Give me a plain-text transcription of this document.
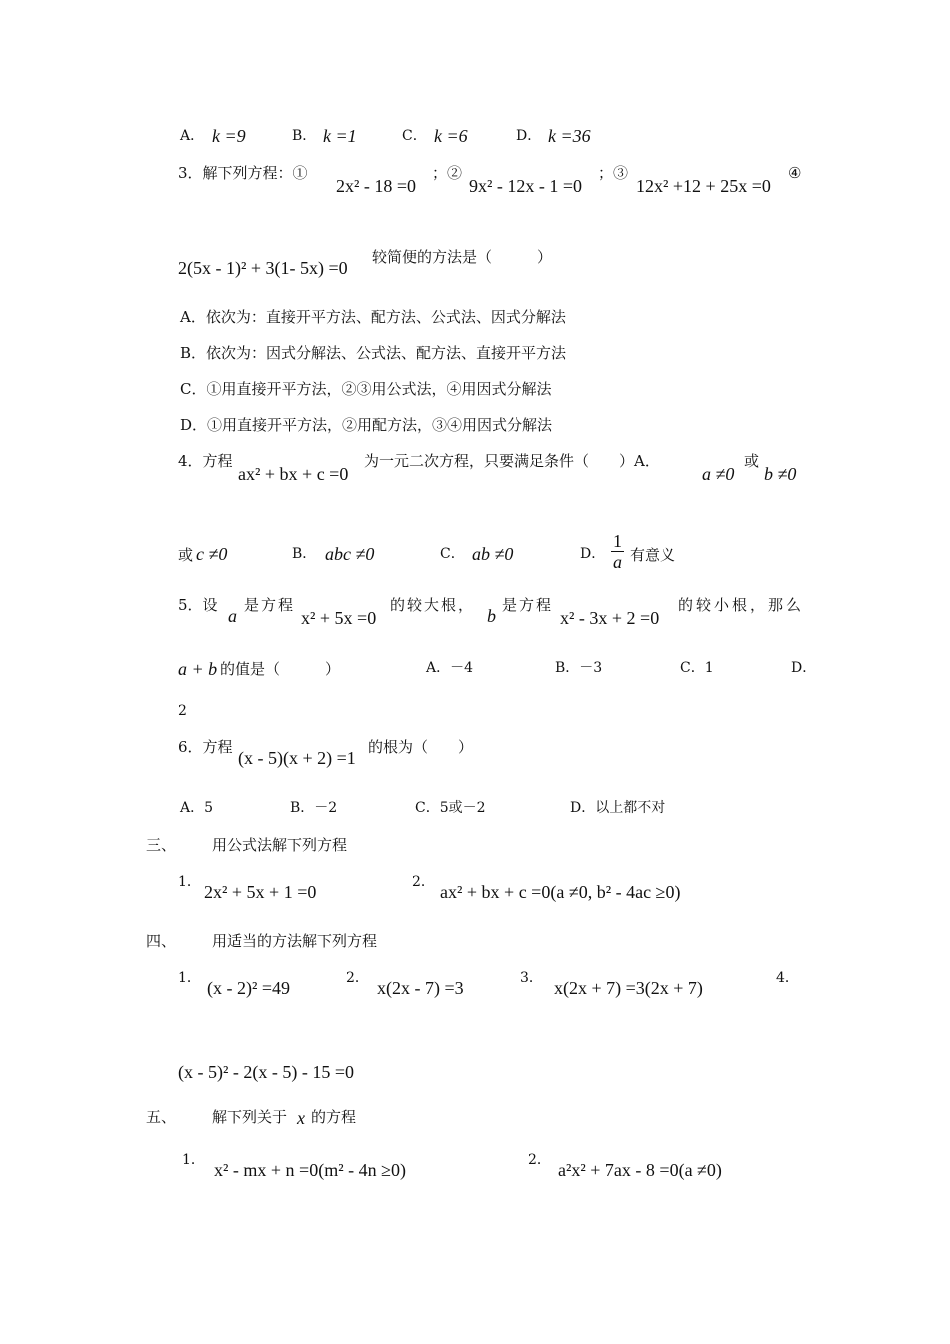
A． k =9	B． k =1	C． k =6	D． k =36
3．解下列方程：①
2x² - 18 =0
；②
9x² - 12x - 1 =0
；③
12x² +12 + 25x =0
④
2(5x - 1)² + 3(1- 5x) =0
较简便的方法是（　　　）
A．依次为：直接开平方法、配方法、公式法、因式分解法
B．依次为：因式分解法、公式法、配方法、直接开平方法
C．①用直接开平方法，②③用公式法，④用因式分解法
D．①用直接开平方法，②用配方法，③④用因式分解法
4．方程
ax² + bx + c =0
为一元二次方程，只要满足条件（　　）A．
a ≠0
或
b ≠0
或 c ≠0	B． abc ≠0	C． ab ≠0	D． $\frac{1}{a}$ 有意义
5．设
a
是方程
x² + 5x =0
的较大根，
b
是方程
x² - 3x + 2 =0
的较小根，那么
a + b 的值是（　　　）	A．－4	B．－3	C．1	D．
2
6．方程
(x - 5)(x + 2) =1
的根为（　　）
A．5	B．－2	C．5或－2	D．以上都不对
三、 用公式法解下列方程
1． 2x² + 5x + 1 =0	2． ax² + bx + c =0(a ≠0, b² - 4ac ≥0)
四、 用适当的方法解下列方程
1． (x - 2)² =49	2． x(2x - 7) =3	3． x(2x + 7) =3(2x + 7)	4．
(x - 5)² - 2(x - 5) - 15 =0
五、 解下列关于 x 的方程
1． x² - mx + n =0(m² - 4n ≥0)	2． a²x² + 7ax - 8 =0(a ≠0)
